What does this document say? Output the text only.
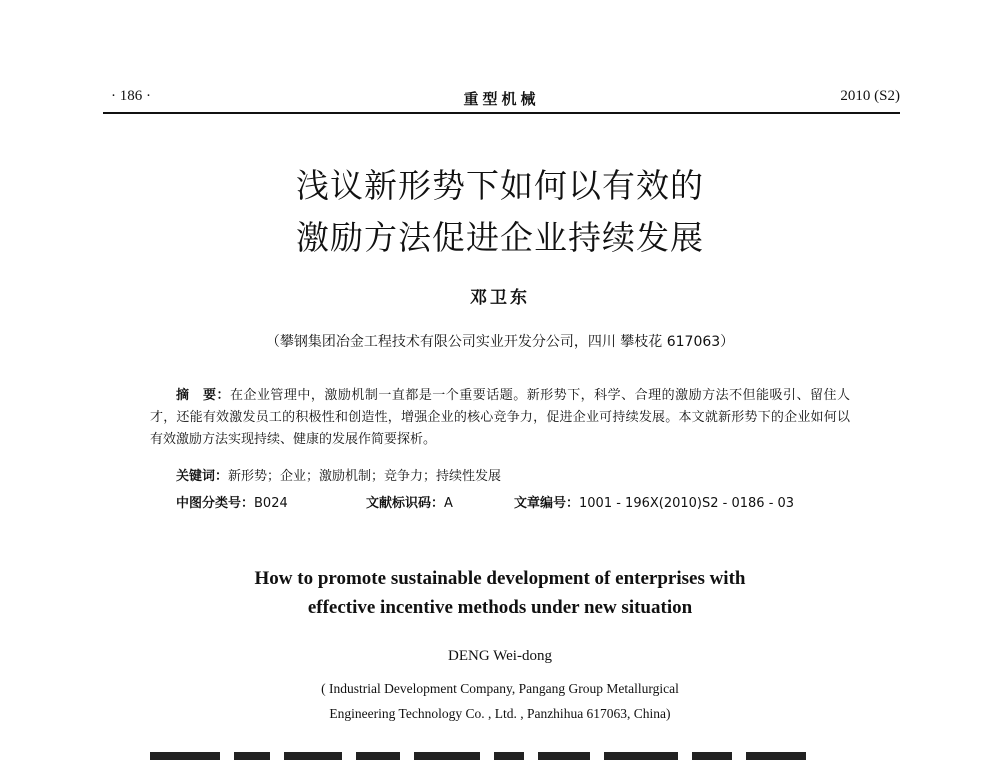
· 186 ·	重型机械	2010 (S2)
浅议新形势下如何以有效的
激励方法促进企业持续发展
邓卫东
（攀钢集团冶金工程技术有限公司实业开发分公司，四川 攀枝花 617063）
摘　要：在企业管理中，激励机制一直都是一个重要话题。新形势下，科学、合理的激励方法不但能吸引、留住人才，还能有效激发员工的积极性和创造性，增强企业的核心竞争力，促进企业可持续发展。本文就新形势下的企业如何以有效激励方法实现持续、健康的发展作简要探析。
关键词：新形势；企业；激励机制；竞争力；持续性发展
中图分类号：B024	文献标识码：A	文章编号：1001 - 196X(2010)S2 - 0186 - 03
How to promote sustainable development of enterprises with
effective incentive methods under new situation
DENG Wei-dong
( Industrial Development Company, Pangang Group Metallurgical
Engineering Technology Co. , Ltd. , Panzhihua 617063, China)
